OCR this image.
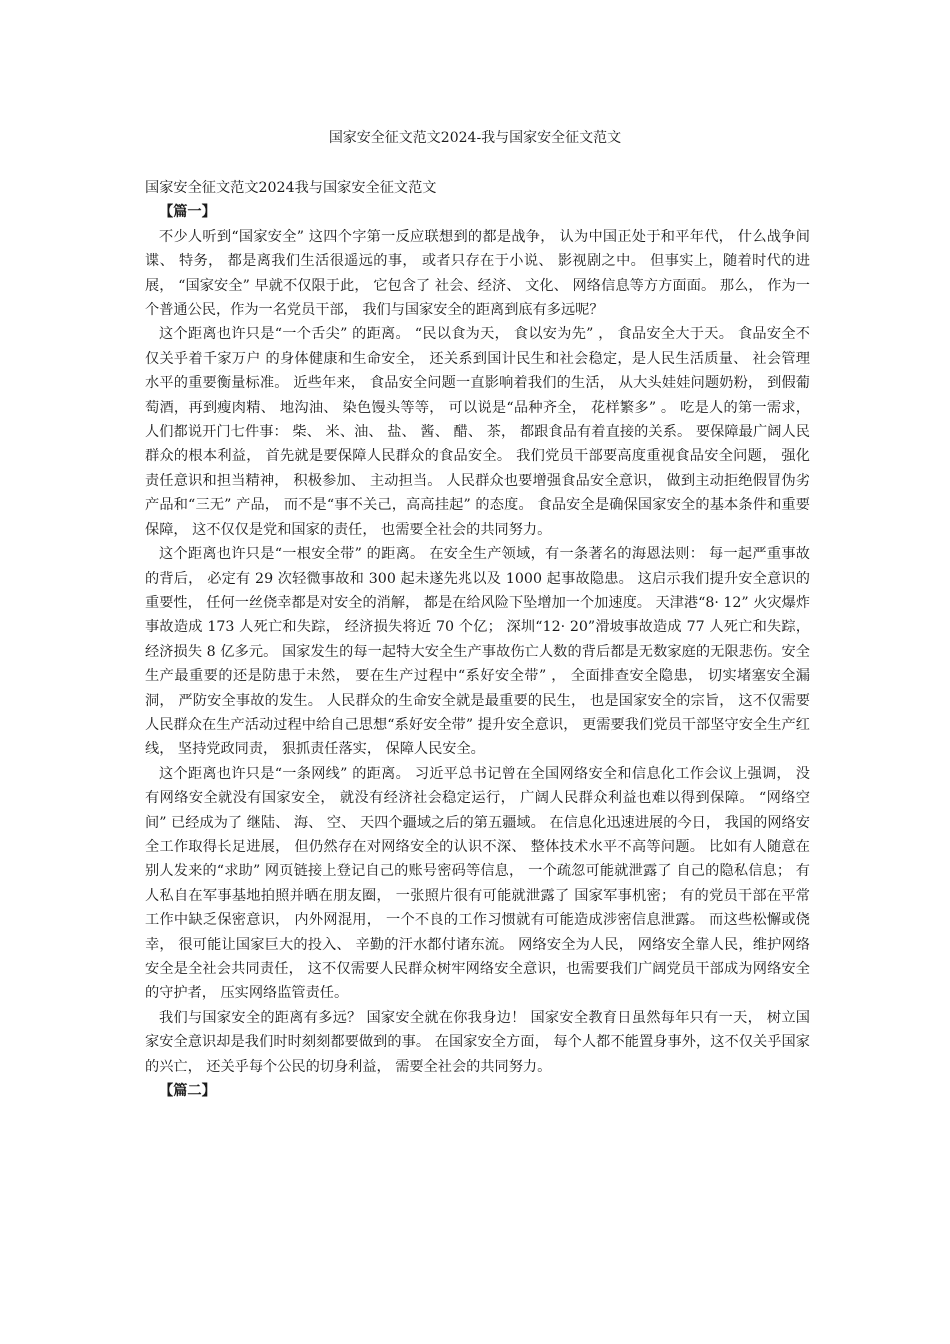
国家安全征文范文2024-我与国家安全征文范文

国家安全征文范文2024我与国家安全征文范文

【篇一】

不少人听到“国家安全” 这四个字第一反应联想到的都是战争， 认为中国正处于和平年代， 什么战争间谍、 特务， 都是离我们生活很遥远的事， 或者只存在于小说、 影视剧之中。 但事实上，随着时代的进展， “国家安全” 早就不仅限于此， 它包含了 社会、经济、 文化、 网络信息等方方面面。 那么， 作为一个普通公民，作为一名党员干部， 我们与国家安全的距离到底有多远呢？

这个距离也许只是“一个舌尖” 的距离。 “民以食为天， 食以安为先” ， 食品安全大于天。 食品安全不仅关乎着千家万户 的身体健康和生命安全， 还关系到国计民生和社会稳定，是人民生活质量、 社会管理水平的重要衡量标准。 近些年来， 食品安全问题一直影响着我们的生活， 从大头娃娃问题奶粉， 到假葡萄酒，再到瘦肉精、 地沟油、 染色馒头等等， 可以说是“品种齐全， 花样繁多” 。 吃是人的第一需求， 人们都说开门七件事： 柴、 米、油、 盐、 酱、 醋、 茶， 都跟食品有着直接的关系。 要保障最广阔人民群众的根本利益， 首先就是要保障人民群众的食品安全。 我们党员干部要高度重视食品安全问题， 强化责任意识和担当精神， 积极参加、 主动担当。 人民群众也要增强食品安全意识， 做到主动拒绝假冒伪劣产品和“三无” 产品， 而不是“事不关己，高高挂起” 的态度。 食品安全是确保国家安全的基本条件和重要保障， 这不仅仅是党和国家的责任， 也需要全社会的共同努力。

这个距离也许只是“一根安全带” 的距离。 在安全生产领域，有一条著名的海恩法则： 每一起严重事故的背后， 必定有 29 次轻微事故和 300 起未遂先兆以及 1000 起事故隐患。 这启示我们提升安全意识的重要性， 任何一丝侥幸都是对安全的消解， 都是在给风险下坠增加一个加速度。 天津港“8· 12” 火灾爆炸事故造成 173 人死亡和失踪， 经济损失将近 70 个亿； 深圳“12· 20”滑坡事故造成 77 人死亡和失踪， 经济损失 8 亿多元。 国家发生的每一起特大安全生产事故伤亡人数的背后都是无数家庭的无限悲伤。安全生产最重要的还是防患于未然， 要在生产过程中“系好安全带” ， 全面排查安全隐患， 切实堵塞安全漏洞， 严防安全事故的发生。 人民群众的生命安全就是最重要的民生， 也是国家安全的宗旨， 这不仅需要人民群众在生产活动过程中给自己思想“系好安全带” 提升安全意识， 更需要我们党员干部坚守安全生产红线， 坚持党政同责， 狠抓责任落实， 保障人民安全。

这个距离也许只是“一条网线” 的距离。 习近平总书记曾在全国网络安全和信息化工作会议上强调， 没有网络安全就没有国家安全， 就没有经济社会稳定运行， 广阔人民群众利益也难以得到保障。 “网络空间” 已经成为了 继陆、 海、 空、 天四个疆域之后的第五疆域。 在信息化迅速进展的今日， 我国的网络安全工作取得长足进展， 但仍然存在对网络安全的认识不深、 整体技术水平不高等问题。 比如有人随意在别人发来的“求助” 网页链接上登记自己的账号密码等信息， 一个疏忽可能就泄露了 自己的隐私信息； 有人私自在军事基地拍照并晒在朋友圈， 一张照片很有可能就泄露了 国家军事机密； 有的党员干部在平常工作中缺乏保密意识， 内外网混用， 一个不良的工作习惯就有可能造成涉密信息泄露。 而这些松懈或侥幸， 很可能让国家巨大的投入、 辛勤的汗水都付诸东流。 网络安全为人民， 网络安全靠人民，维护网络安全是全社会共同责任， 这不仅需要人民群众树牢网络安全意识，也需要我们广阔党员干部成为网络安全的守护者， 压实网络监管责任。

我们与国家安全的距离有多远？ 国家安全就在你我身边！ 国家安全教育日虽然每年只有一天， 树立国家安全意识却是我们时时刻刻都要做到的事。 在国家安全方面， 每个人都不能置身事外，这不仅关乎国家的兴亡， 还关乎每个公民的切身利益， 需要全社会的共同努力。

【篇二】
